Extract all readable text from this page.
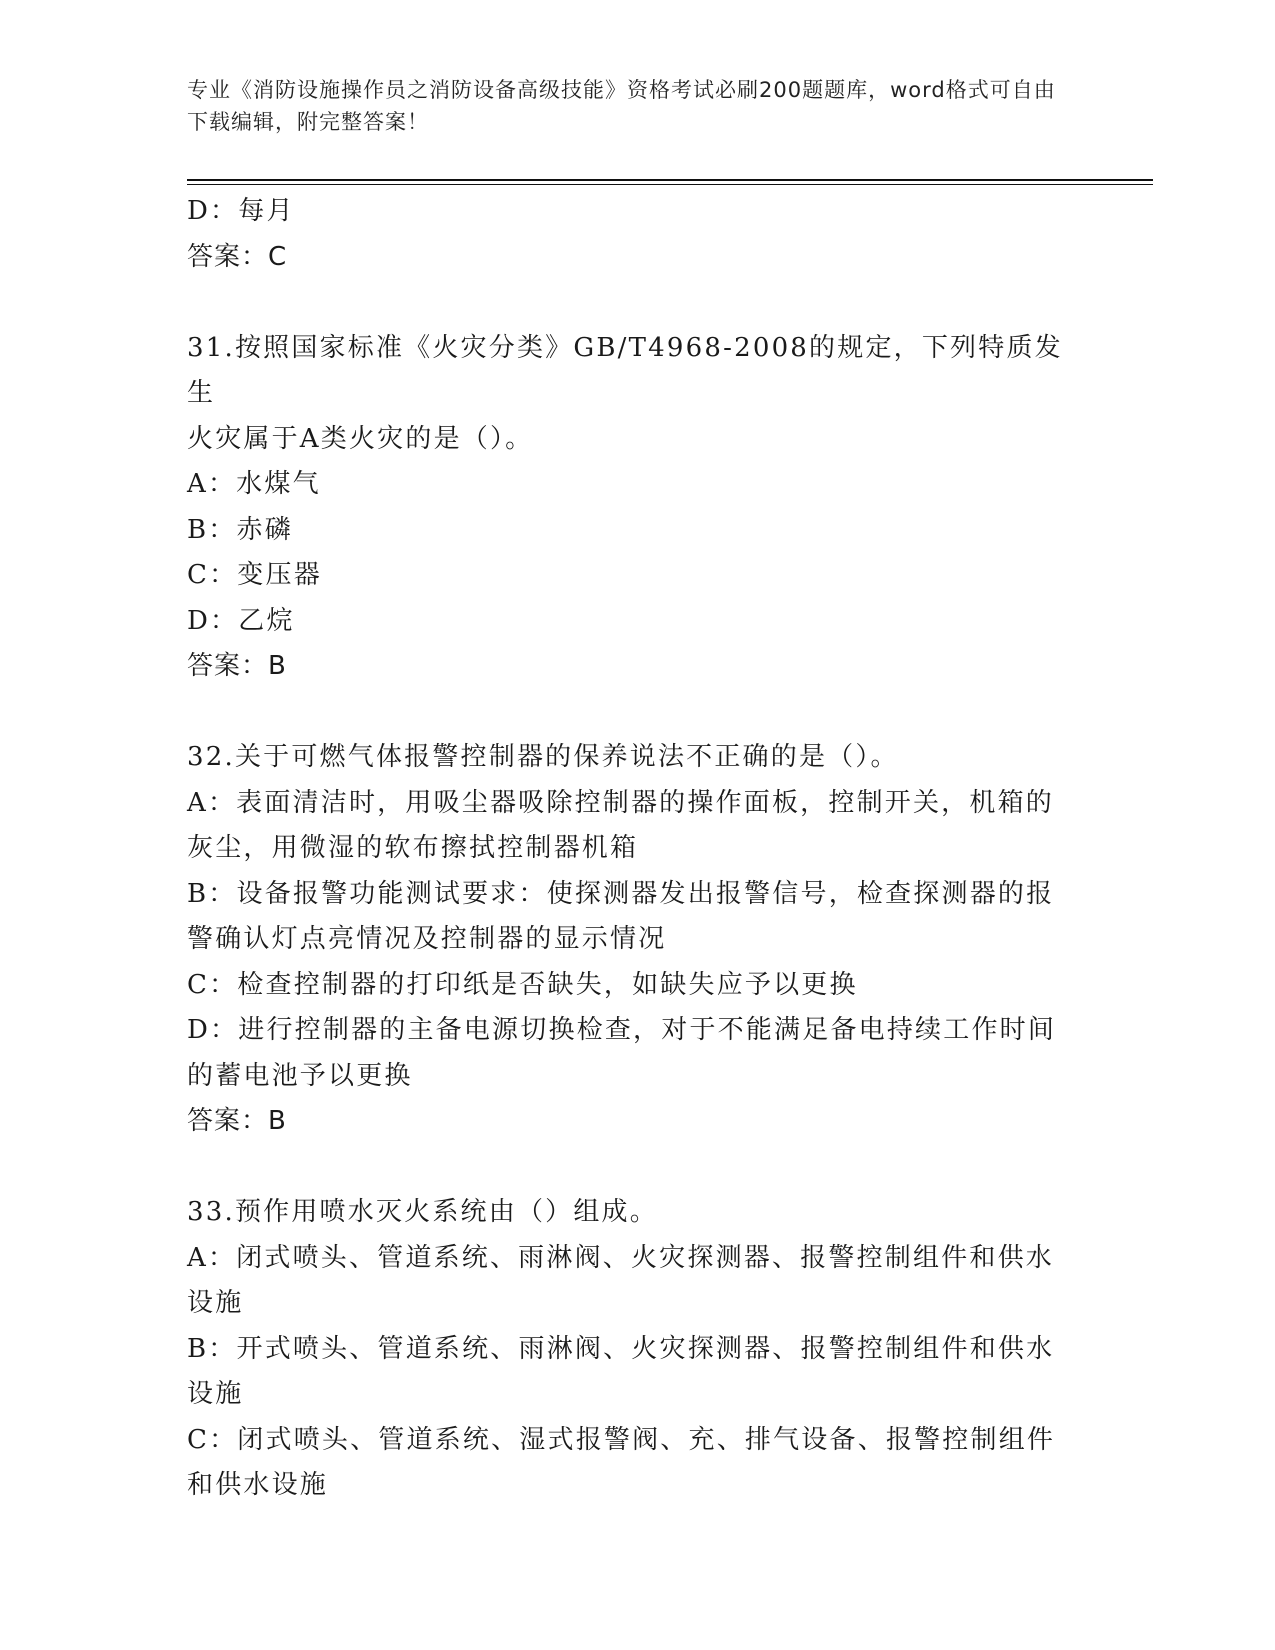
专业《消防设施操作员之消防设备高级技能》资格考试必刷200题题库，word格式可自由下载编辑，附完整答案！
D：每月
答案：C
31.按照国家标准《火灾分类》GB/T4968-2008的规定，下列特质发生
火灾属于A类火灾的是（）。
A：水煤气
B：赤磷
C：变压器
D：乙烷
答案：B
32.关于可燃气体报警控制器的保养说法不正确的是（）。
A：表面清洁时，用吸尘器吸除控制器的操作面板，控制开关，机箱的
灰尘，用微湿的软布擦拭控制器机箱
B：设备报警功能测试要求：使探测器发出报警信号，检查探测器的报
警确认灯点亮情况及控制器的显示情况
C：检查控制器的打印纸是否缺失，如缺失应予以更换
D：进行控制器的主备电源切换检查，对于不能满足备电持续工作时间
的蓄电池予以更换
答案：B
33.预作用喷水灭火系统由（）组成。
A：闭式喷头、管道系统、雨淋阀、火灾探测器、报警控制组件和供水
设施
B：开式喷头、管道系统、雨淋阀、火灾探测器、报警控制组件和供水
设施
C：闭式喷头、管道系统、湿式报警阀、充、排气设备、报警控制组件
和供水设施
